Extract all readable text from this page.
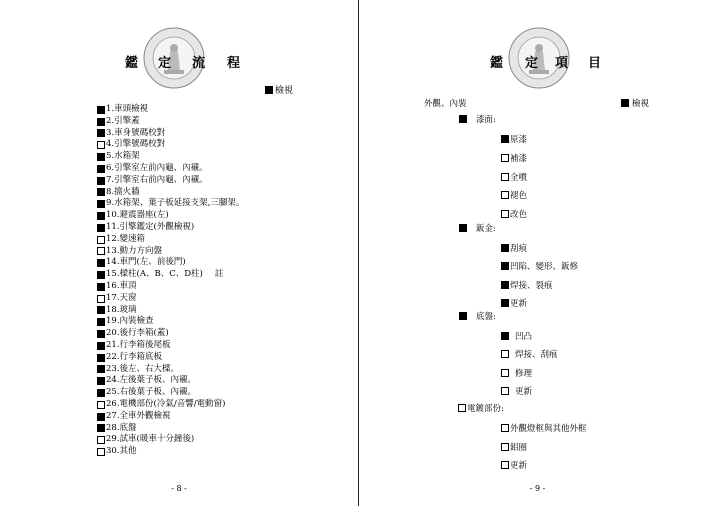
鑑 定 流 程
檢視
1.車頭檢視
2.引擎蓋
3.車身號碼校對
4.引擎號碼校對
5.水箱架
6.引擎室左前內龜、內襯。
7.引擎室右前內龜、內襯。
8.擋火牆
9.水箱架、葉子板延接支架,三腳架。
10.避震器座(左)
11.引擎鑑定(外觀檢視)
12.變速箱
13.動力方向盤
14.車門(左、前後門)
15.樑柱(A、B、C、D柱) 註
16.車頂
17.天窗
18.玻璃
19.內裝檢查
20.後行李箱(蓋)
21.行李箱後尾板
22.行李箱底板
23.後左、右大樑。
24.左後葉子板、內襯。
25.右後葉子板、內襯。
26.電機部份(冷氣/音響/電動窗)
27.全車外觀檢視
28.底盤
29.試車(暖車十分鐘後)
30.其他
- 8 -
鑑 定 項 目
外觀、內裝	檢視
漆面:
原漆
補漆
全噴
褪色
改色
鈑金:
刮痕
凹陷、變形、鈑修
焊接、裂痕
更新
底盤:
凹凸
焊接、刮痕
修理
更新
電鍍部份:
外觀燈框與其他外框
鋁圈
更新
- 9 -
